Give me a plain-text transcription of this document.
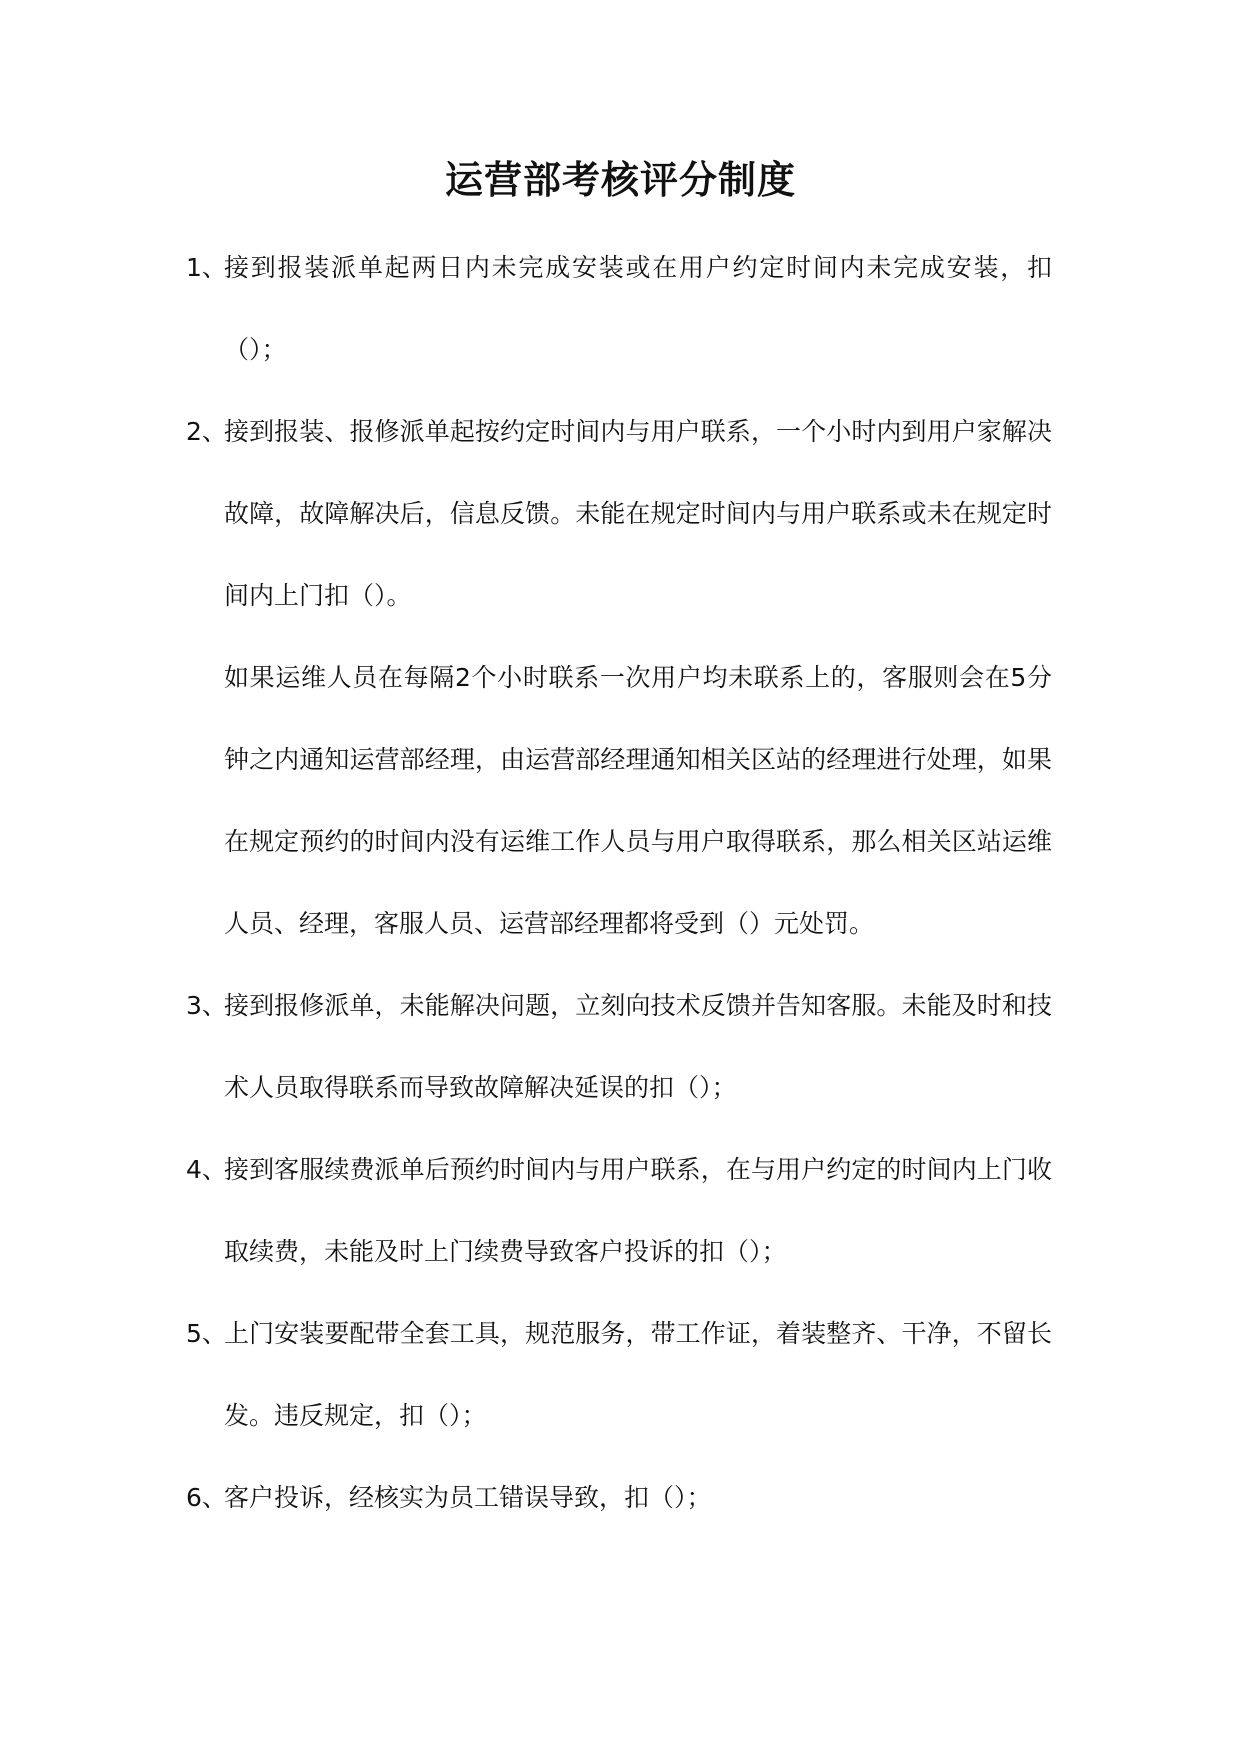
运营部考核评分制度

1、
接到报装派单起两日内未完成安装或在用户约定时间内未完成安装，扣（）；

2、
接到报装、报修派单起按约定时间内与用户联系，一个小时内到用户家解决故障，故障解决后，信息反馈。未能在规定时间内与用户联系或未在规定时间内上门扣（）。

如果运维人员在每隔2个小时联系一次用户均未联系上的，客服则会在5分钟之内通知运营部经理，由运营部经理通知相关区站的经理进行处理，如果在规定预约的时间内没有运维工作人员与用户取得联系，那么相关区站运维人员、经理，客服人员、运营部经理都将受到（）元处罚。

3、
接到报修派单，未能解决问题，立刻向技术反馈并告知客服。未能及时和技术人员取得联系而导致故障解决延误的扣（）；

4、
接到客服续费派单后预约时间内与用户联系，在与用户约定的时间内上门收取续费，未能及时上门续费导致客户投诉的扣（）；

5、
上门安装要配带全套工具，规范服务，带工作证，着装整齐、干净，不留长发。违反规定，扣（）；

6、
客户投诉，经核实为员工错误导致，扣（）；
